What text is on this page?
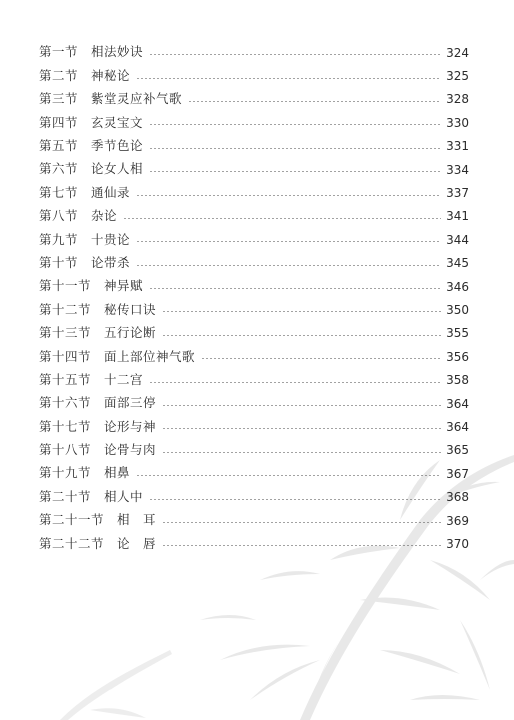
第一节 相法妙诀	324
第二节 神秘论	325
第三节 紫堂灵应补气歌	328
第四节 玄灵宝文	330
第五节 季节色论	331
第六节 论女人相	334
第七节 通仙录	337
第八节 杂论	341
第九节 十贵论	344
第十节 论带杀	345
第十一节 神异赋	346
第十二节 秘传口诀	350
第十三节 五行论断	355
第十四节 面上部位神气歌	356
第十五节 十二宫	358
第十六节 面部三停	364
第十七节 论形与神	364
第十八节 论骨与肉	365
第十九节 相鼻	367
第二十节 相人中	368
第二十一节 相　耳	369
第二十二节 论　唇	370
